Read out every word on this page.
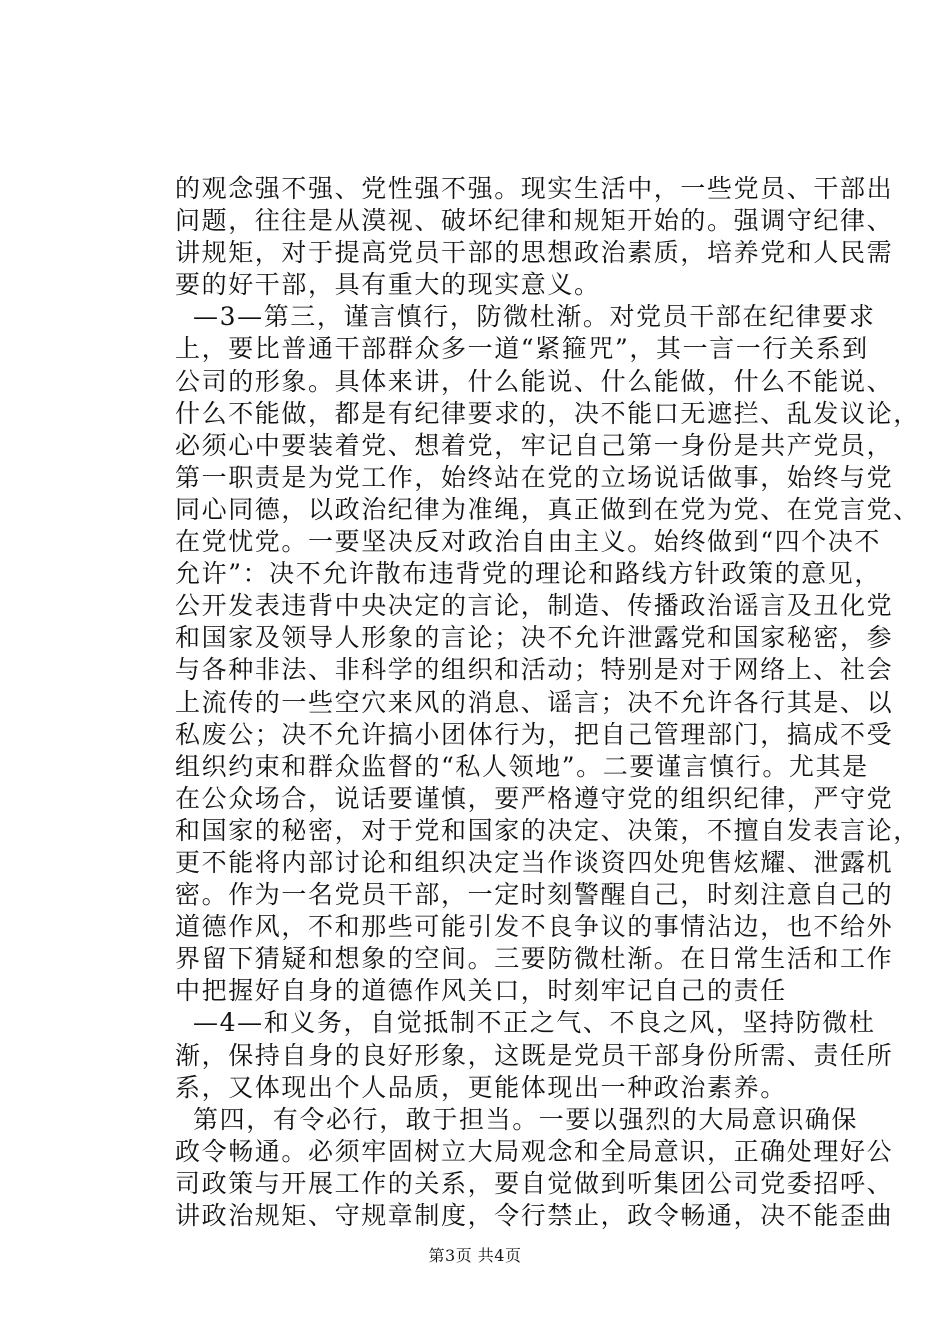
的观念强不强、党性强不强。现实生活中，一些党员、干部出
问题，往往是从漠视、破坏纪律和规矩开始的。强调守纪律、
讲规矩，对于提高党员干部的思想政治素质，培养党和人民需
要的好干部，具有重大的现实意义。
—3—第三，谨言慎行，防微杜渐。对党员干部在纪律要求
上，要比普通干部群众多一道“紧箍咒”，其一言一行关系到
公司的形象。具体来讲，什么能说、什么能做，什么不能说、
什么不能做，都是有纪律要求的，决不能口无遮拦、乱发议论，
必须心中要装着党、想着党，牢记自己第一身份是共产党员，
第一职责是为党工作，始终站在党的立场说话做事，始终与党
同心同德，以政治纪律为准绳，真正做到在党为党、在党言党、
在党忧党。一要坚决反对政治自由主义。始终做到“四个决不
允许”：决不允许散布违背党的理论和路线方针政策的意见，
公开发表违背中央决定的言论，制造、传播政治谣言及丑化党
和国家及领导人形象的言论；决不允许泄露党和国家秘密，参
与各种非法、非科学的组织和活动；特别是对于网络上、社会
上流传的一些空穴来风的消息、谣言；决不允许各行其是、以
私废公；决不允许搞小团体行为，把自己管理部门，搞成不受
组织约束和群众监督的“私人领地”。二要谨言慎行。尤其是
在公众场合，说话要谨慎，要严格遵守党的组织纪律，严守党
和国家的秘密，对于党和国家的决定、决策，不擅自发表言论，
更不能将内部讨论和组织决定当作谈资四处兜售炫耀、泄露机
密。作为一名党员干部，一定时刻警醒自己，时刻注意自己的
道德作风，不和那些可能引发不良争议的事情沾边，也不给外
界留下猜疑和想象的空间。三要防微杜渐。在日常生活和工作
中把握好自身的道德作风关口，时刻牢记自己的责任
—4—和义务，自觉抵制不正之气、不良之风，坚持防微杜
渐，保持自身的良好形象，这既是党员干部身份所需、责任所
系，又体现出个人品质，更能体现出一种政治素养。
第四，有令必行，敢于担当。一要以强烈的大局意识确保
政令畅通。必须牢固树立大局观念和全局意识，正确处理好公
司政策与开展工作的关系，要自觉做到听集团公司党委招呼、
讲政治规矩、守规章制度，令行禁止，政令畅通，决不能歪曲
第3页 共4页
